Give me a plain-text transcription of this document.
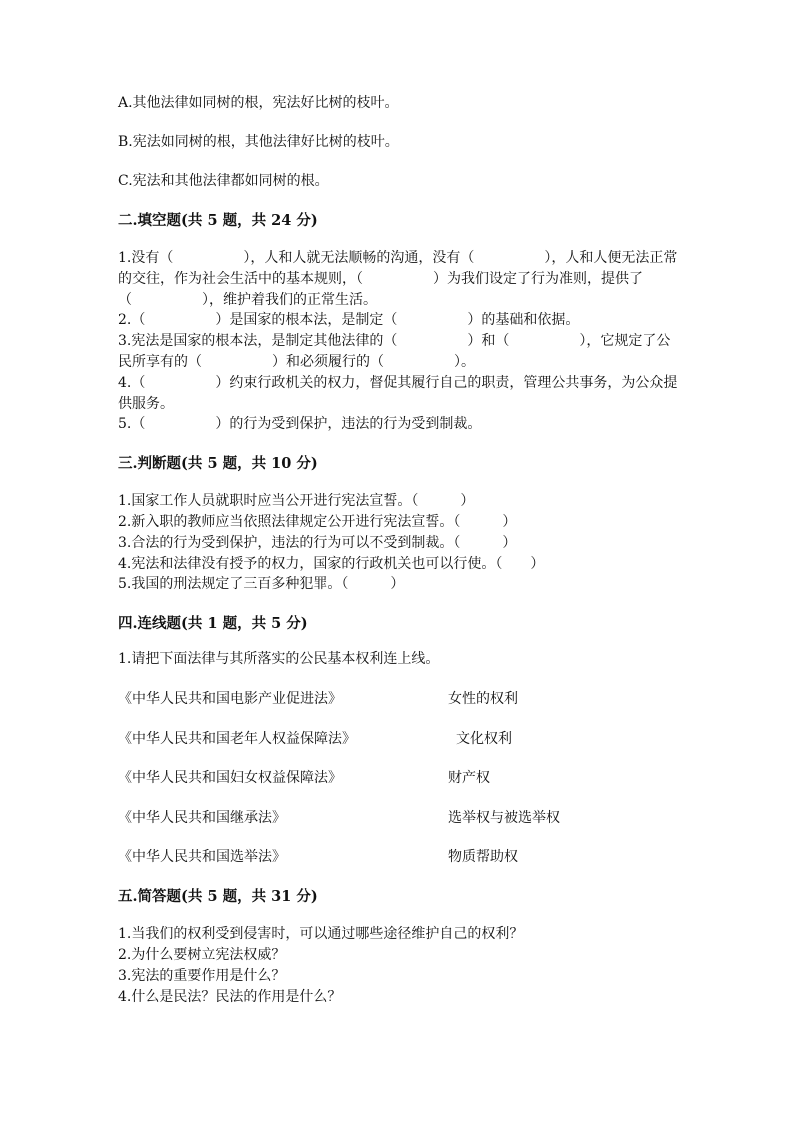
A.其他法律如同树的根，宪法好比树的枝叶。

B.宪法如同树的根，其他法律好比树的枝叶。

C.宪法和其他法律都如同树的根。

二.填空题(共 5 题，共 24 分)
1.没有（　　　　　），人和人就无法顺畅的沟通，没有（　　　　　），人和人便无法正常的交往，作为社会生活中的基本规则，（　　　　　）为我们设定了行为准则，提供了（　　　　　），维护着我们的正常生活。
2.（　　　　　）是国家的根本法，是制定（　　　　　）的基础和依据。
3.宪法是国家的根本法，是制定其他法律的（　　　　　）和（　　　　　），它规定了公民所享有的（　　　　　）和必须履行的（　　　　　）。
4.（　　　　　）约束行政机关的权力，督促其履行自己的职责，管理公共事务，为公众提供服务。
5.（　　　　　）的行为受到保护，违法的行为受到制裁。
三.判断题(共 5 题，共 10 分)
1.国家工作人员就职时应当公开进行宪法宣誓。（　　　）
2.新入职的教师应当依照法律规定公开进行宪法宣誓。（　　　）
3.合法的行为受到保护，违法的行为可以不受到制裁。（　　　）
4.宪法和法律没有授予的权力，国家的行政机关也可以行使。（　　）
5.我国的刑法规定了三百多种犯罪。（　　　）
四.连线题(共 1 题，共 5 分)

1.请把下面法律与其所落实的公民基本权利连上线。

《中华人民共和国电影产业促进法》	女性的权利
《中华人民共和国老年人权益保障法》	文化权利
《中华人民共和国妇女权益保障法》	财产权
《中华人民共和国继承法》	选举权与被选举权
《中华人民共和国选举法》	物质帮助权
五.简答题(共 5 题，共 31 分)
1.当我们的权利受到侵害时，可以通过哪些途径维护自己的权利？
2.为什么要树立宪法权威？
3.宪法的重要作用是什么？
4.什么是民法？民法的作用是什么？
